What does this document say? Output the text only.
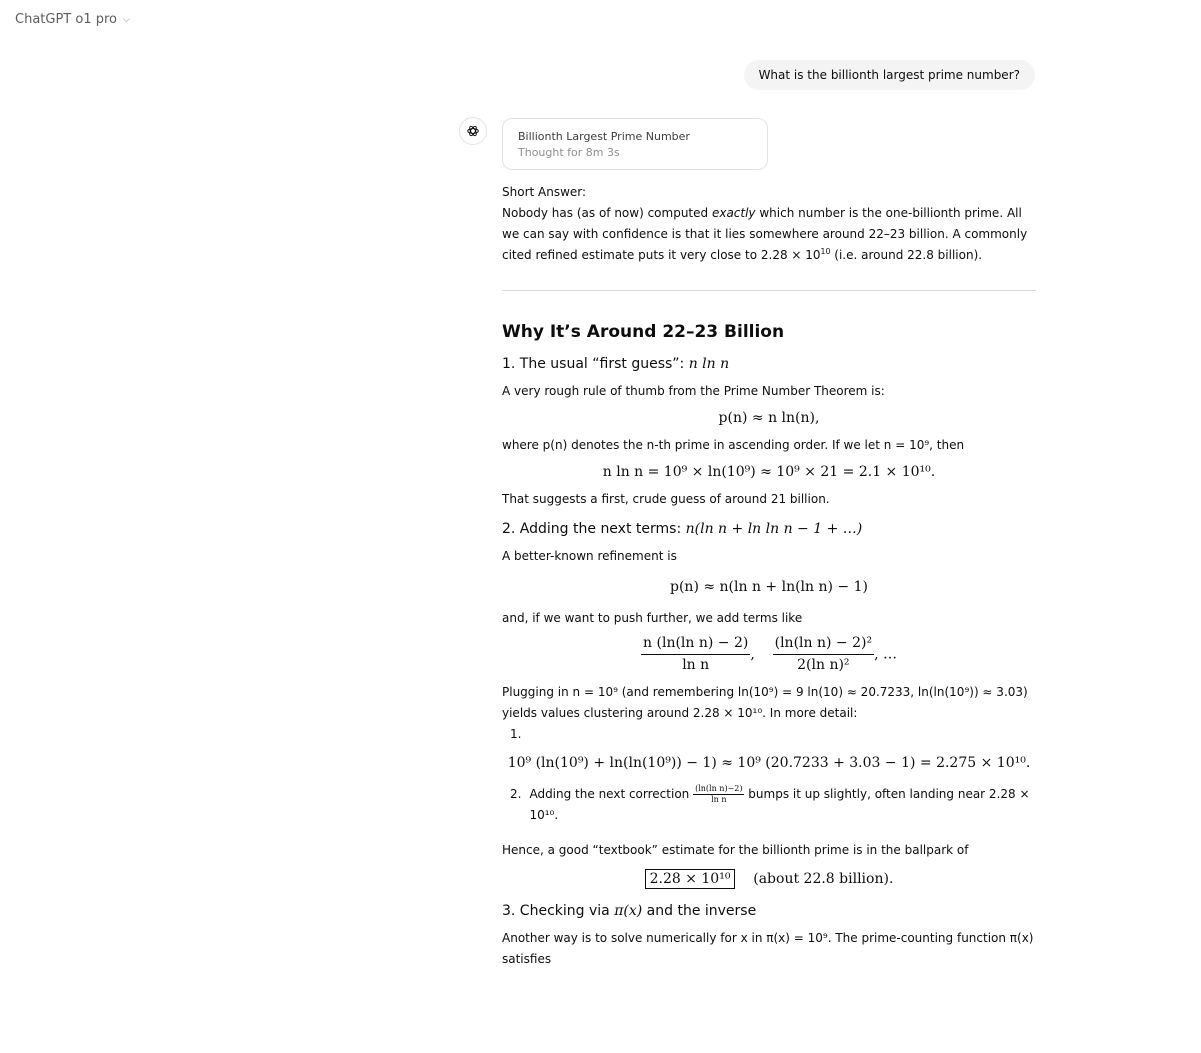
ChatGPT o1 pro ⌵
What is the billionth largest prime number?
Billionth Largest Prime Number
Thought for 8m 3s

Short Answer:

Nobody has (as of now) computed exactly which number is the one-billionth prime. All we can say with confidence is that it lies somewhere around 22–23 billion. A commonly cited refined estimate puts it very close to $2.28 \times 10^{10}$ (i.e. around 22.8 billion).

Why It’s Around 22–23 Billion
1. The usual “first guess”: n ln n

A very rough rule of thumb from the Prime Number Theorem is:

p(n) ≈ n ln(n),

where p(n) denotes the n-th prime in ascending order. If we let n = 10⁹, then

n ln n = 10⁹ × ln(10⁹) ≈ 10⁹ × 21 = 2.1 × 10¹⁰.

That suggests a first, crude guess of around 21 billion.

2. Adding the next terms: n(ln n + ln ln n − 1 + …)

A better-known refinement is

p(n) ≈ n(ln n + ln(ln n) − 1)

and, if we want to push further, we add terms like

$\frac{\text{n (ln(ln n) − 2)}}{\text{ln n}}$ , $\frac{\text{(ln(ln n) − 2)²}}{\text{2(ln n)²}}$ , …

Plugging in n = 10⁹ (and remembering ln(10⁹) = 9 ln(10) ≈ 20.7233, ln(ln(10⁹)) ≈ 3.03) yields values clustering around 2.28 × 10¹⁰. In more detail:

1.
10⁹ (ln(10⁹) + ln(ln(10⁹)) − 1) ≈ 10⁹ (20.7233 + 3.03 − 1) = 2.275 × 10¹⁰.
2. Adding the next correction $\frac{\text{(ln(ln n)−2)}}{\text{ln n}}$ bumps it up slightly, often landing near 2.28 × 10¹⁰.

Hence, a good “textbook” estimate for the billionth prime is in the ballpark of

2.28 × 10¹⁰ (about 22.8 billion).
3. Checking via π(x) and the inverse

Another way is to solve numerically for x in π(x) = 10⁹. The prime-counting function π(x) satisfies
